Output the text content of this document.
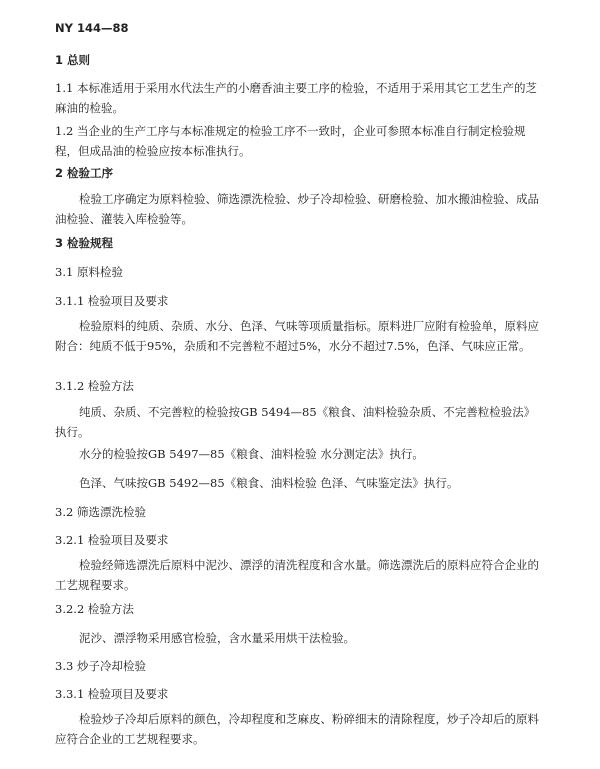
NY 144—88
1 总则
1.1 本标准适用于采用水代法生产的小磨香油主要工序的检验，不适用于采用其它工艺生产的芝麻油的检验。
1.2 当企业的生产工序与本标准规定的检验工序不一致时，企业可参照本标准自行制定检验规程，但成品油的检验应按本标准执行。
2 检验工序
检验工序确定为原料检验、筛选漂洗检验、炒子冷却检验、研磨检验、加水搬油检验、成品油检验、灌装入库检验等。
3 检验规程
3.1 原料检验
3.1.1 检验项目及要求
检验原料的纯质、杂质、水分、色泽、气味等项质量指标。原料进厂应附有检验单，原料应附合：纯质不低于95%，杂质和不完善粒不超过5%，水分不超过7.5%，色泽、气味应正常。
3.1.2 检验方法
纯质、杂质、不完善粒的检验按GB 5494—85《粮食、油料检验杂质、不完善粒检验法》执行。
水分的检验按GB 5497—85《粮食、油料检验 水分测定法》执行。
色泽、气味按GB 5492—85《粮食、油料检验 色泽、气味鉴定法》执行。
3.2 筛选漂洗检验
3.2.1 检验项目及要求
检验经筛选漂洗后原料中泥沙、漂浮的清洗程度和含水量。筛选漂洗后的原料应符合企业的工艺规程要求。
3.2.2 检验方法
泥沙、漂浮物采用感官检验，含水量采用烘干法检验。
3.3 炒子冷却检验
3.3.1 检验项目及要求
检验炒子冷却后原料的颜色，冷却程度和芝麻皮、粉碎细末的清除程度，炒子冷却后的原料应符合企业的工艺规程要求。
